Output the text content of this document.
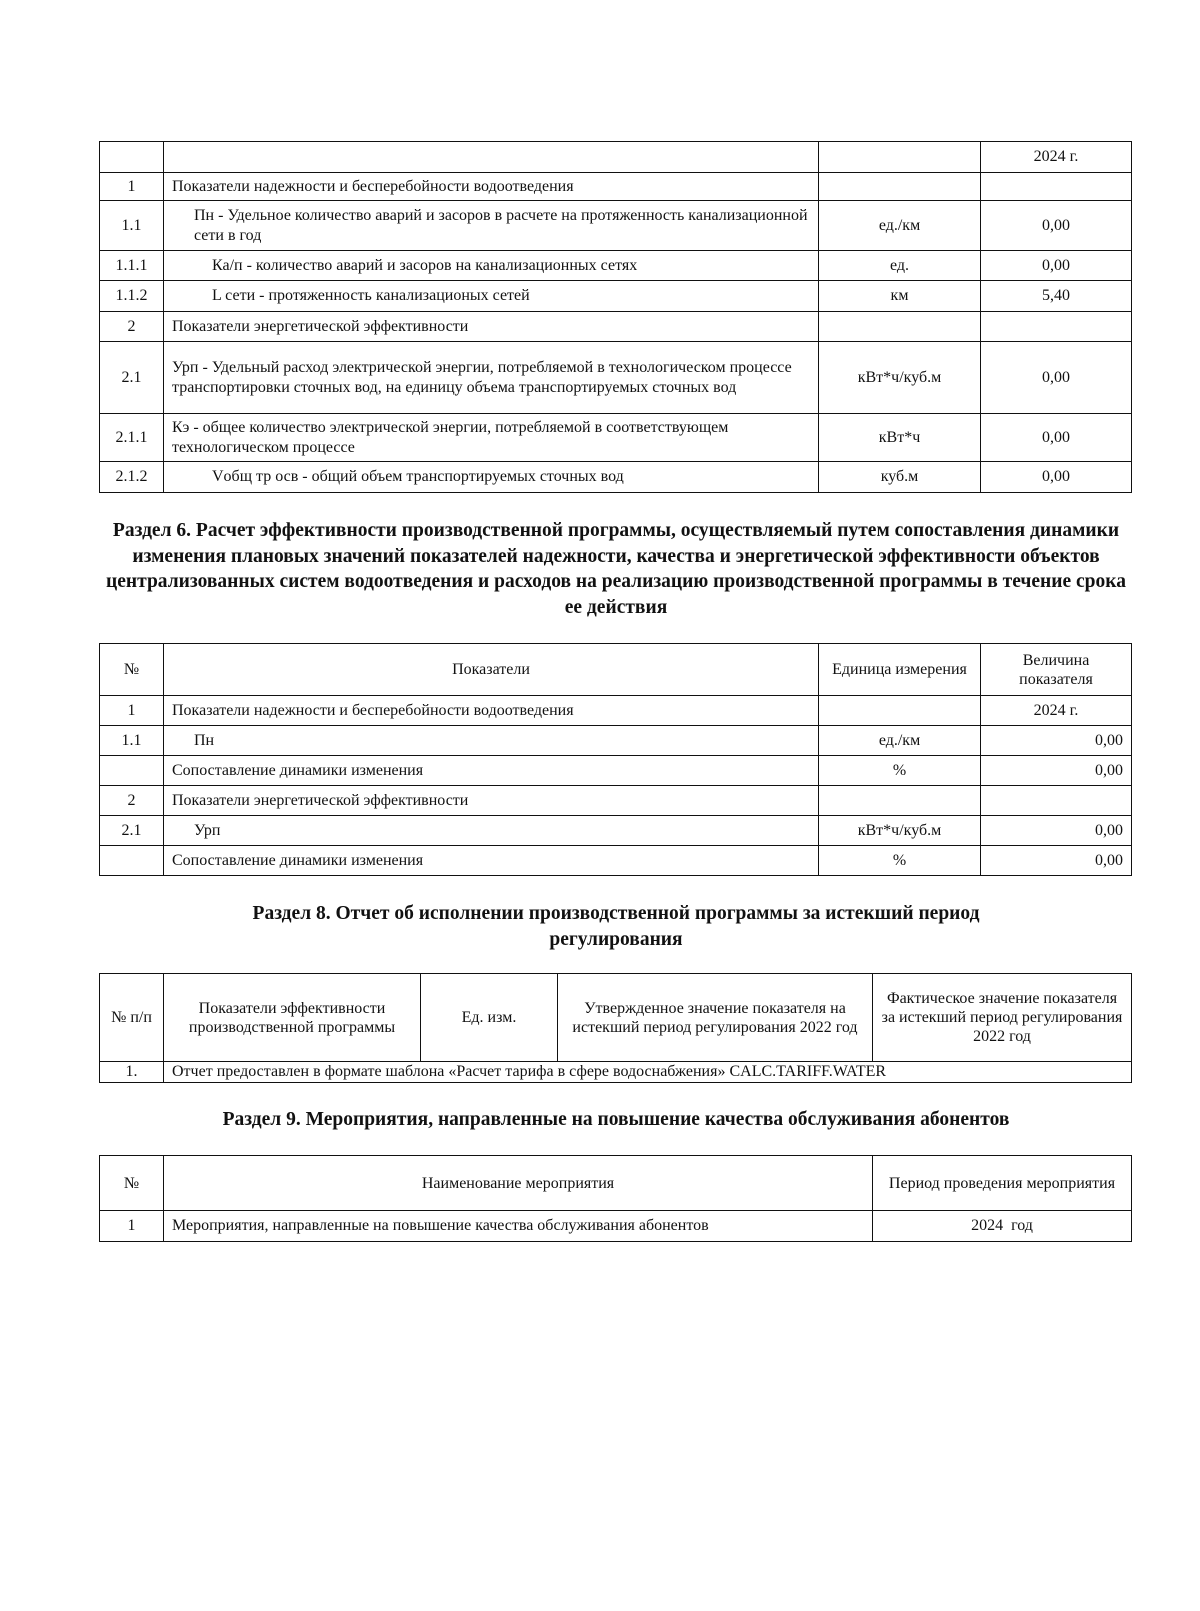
			2024 г.
1	Показатели надежности и бесперебойности водоотведения		
1.1	Пн - Удельное количество аварий и засоров в расчете на протяженность канализационной сети в год	ед./км	0,00
1.1.1	Ка/п - количество аварий и засоров на канализационных сетях	ед.	0,00
1.1.2	L сети - протяженность канализационых сетей	км	5,40
2	Показатели энергетической эффективности		
2.1	Урп - Удельный расход электрической энергии, потребляемой в технологическом процессе транспортировки сточных вод, на единицу объема транспортируемых сточных вод	кВт*ч/куб.м	0,00
2.1.1	Кэ - общее количество электрической энергии, потребляемой в соответствующем технологическом процессе	кВт*ч	0,00
2.1.2	Vобщ тр осв - общий объем транспортируемых сточных вод	куб.м	0,00
Раздел 6. Расчет эффективности производственной программы, осуществляемый путем сопоставления динамики изменения плановых значений показателей надежности, качества и энергетической эффективности объектов централизованных систем водоотведения и расходов на реализацию производственной программы в течение срока ее действия
№	Показатели	Единица измерения	Величина показателя
1	Показатели надежности и бесперебойности водоотведения		2024 г.
1.1	Пн	ед./км	0,00
	Сопоставление динамики изменения	%	0,00
2	Показатели энергетической эффективности		
2.1	Урп	кВт*ч/куб.м	0,00
	Сопоставление динамики изменения	%	0,00
Раздел 8. Отчет об исполнении производственной программы за истекший период регулирования
№ п/п	Показатели эффективности производственной программы	Ед. изм.	Утвержденное значение показателя на истекший период регулирования 2022 год	Фактическое значение показателя за истекший период регулирования 2022 год
1.	Отчет предоставлен в формате шаблона «Расчет тарифа в сфере водоснабжения» CALC.TARIFF.WATER			
Раздел 9. Мероприятия, направленные на повышение качества обслуживания абонентов
№	Наименование мероприятия	Период проведения мероприятия
1	Мероприятия, направленные на повышение качества обслуживания абонентов	2024  год
